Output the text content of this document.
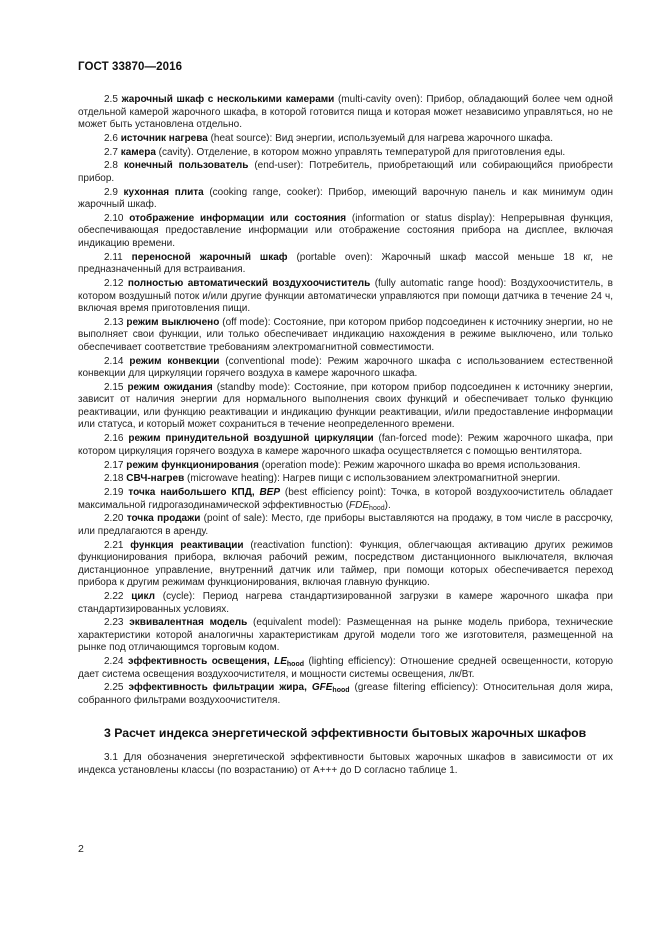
ГОСТ 33870—2016

2.5 жарочный шкаф с несколькими камерами (multi-cavity oven): Прибор, обладающий более чем одной отдельной камерой жарочного шкафа, в которой готовится пища и которая может независимо управляться, но не может быть установлена отдельно.

2.6 источник нагрева (heat source): Вид энергии, используемый для нагрева жарочного шкафа.

2.7 камера (cavity). Отделение, в котором можно управлять температурой для приготовления еды.

2.8 конечный пользователь (end-user): Потребитель, приобретающий или собирающийся приобрести прибор.

2.9 кухонная плита (cooking range, cooker): Прибор, имеющий варочную панель и как минимум один жарочный шкаф.

2.10 отображение информации или состояния (information or status display): Непрерывная функция, обеспечивающая предоставление информации или отображение состояния прибора на дисплее, включая индикацию времени.

2.11 переносной жарочный шкаф (portable oven): Жарочный шкаф массой меньше 18 кг, не предназначенный для встраивания.

2.12 полностью автоматический воздухоочиститель (fully automatic range hood): Воздухоочиститель, в котором воздушный поток и/или другие функции автоматически управляются при помощи датчика в течение 24 ч, включая время приготовления пищи.

2.13 режим выключено (off mode): Состояние, при котором прибор подсоединен к источнику энергии, но не выполняет свои функции, или только обеспечивает индикацию нахождения в режиме выключено, или только обеспечивает соответствие требованиям электромагнитной совместимости.

2.14 режим конвекции (conventional mode): Режим жарочного шкафа с использованием естественной конвекции для циркуляции горячего воздуха в камере жарочного шкафа.

2.15 режим ожидания (standby mode): Состояние, при котором прибор подсоединен к источнику энергии, зависит от наличия энергии для нормального выполнения своих функций и обеспечивает только функцию реактивации, или функцию реактивации и индикацию функции реактивации, и/или предоставление информации или статуса, и который может сохраниться в течение неопределенного времени.

2.16 режим принудительной воздушной циркуляции (fan-forced mode): Режим жарочного шкафа, при котором циркуляция горячего воздуха в камере жарочного шкафа осуществляется с помощью вентилятора.

2.17 режим функционирования (operation mode): Режим жарочного шкафа во время использования.

2.18 СВЧ-нагрев (microwave heating): Нагрев пищи с использованием электромагнитной энергии.

2.19 точка наибольшего КПД, BEP (best efficiency point): Точка, в которой воздухоочиститель обладает максимальной гидрогазодинамической эффективностью $(FDE_{hood})$.

2.20 точка продажи (point of sale): Место, где приборы выставляются на продажу, в том числе в рассрочку, или предлагаются в аренду.

2.21 функция реактивации (reactivation function): Функция, облегчающая активацию других режимов функционирования прибора, включая рабочий режим, посредством дистанционного выключателя, включая дистанционное управление, внутренний датчик или таймер, при помощи которых обеспечивается переход прибора к другим режимам функционирования, включая главную функцию.

2.22 цикл (cycle): Период нагрева стандартизированной загрузки в камере жарочного шкафа при стандартизированных условиях.

2.23 эквивалентная модель (equivalent model): Размещенная на рынке модель прибора, технические характеристики которой аналогичны характеристикам другой модели того же изготовителя, размещенной на рынке под отличающимся торговым кодом.

2.24 эффективность освещения, $LE_{hood}$ (lighting efficiency): Отношение средней освещенности, которую дает система освещения воздухоочистителя, и мощности системы освещения, лк/Вт.

2.25 эффективность фильтрации жира, $GFE_{hood}$ (grease filtering efficiency): Относительная доля жира, собранного фильтрами воздухоочистителя.

3 Расчет индекса энергетической эффективности бытовых жарочных шкафов

3.1 Для обозначения энергетической эффективности бытовых жарочных шкафов в зависимости от их индекса установлены классы (по возрастанию) от A+++ до D согласно таблице 1.

2
